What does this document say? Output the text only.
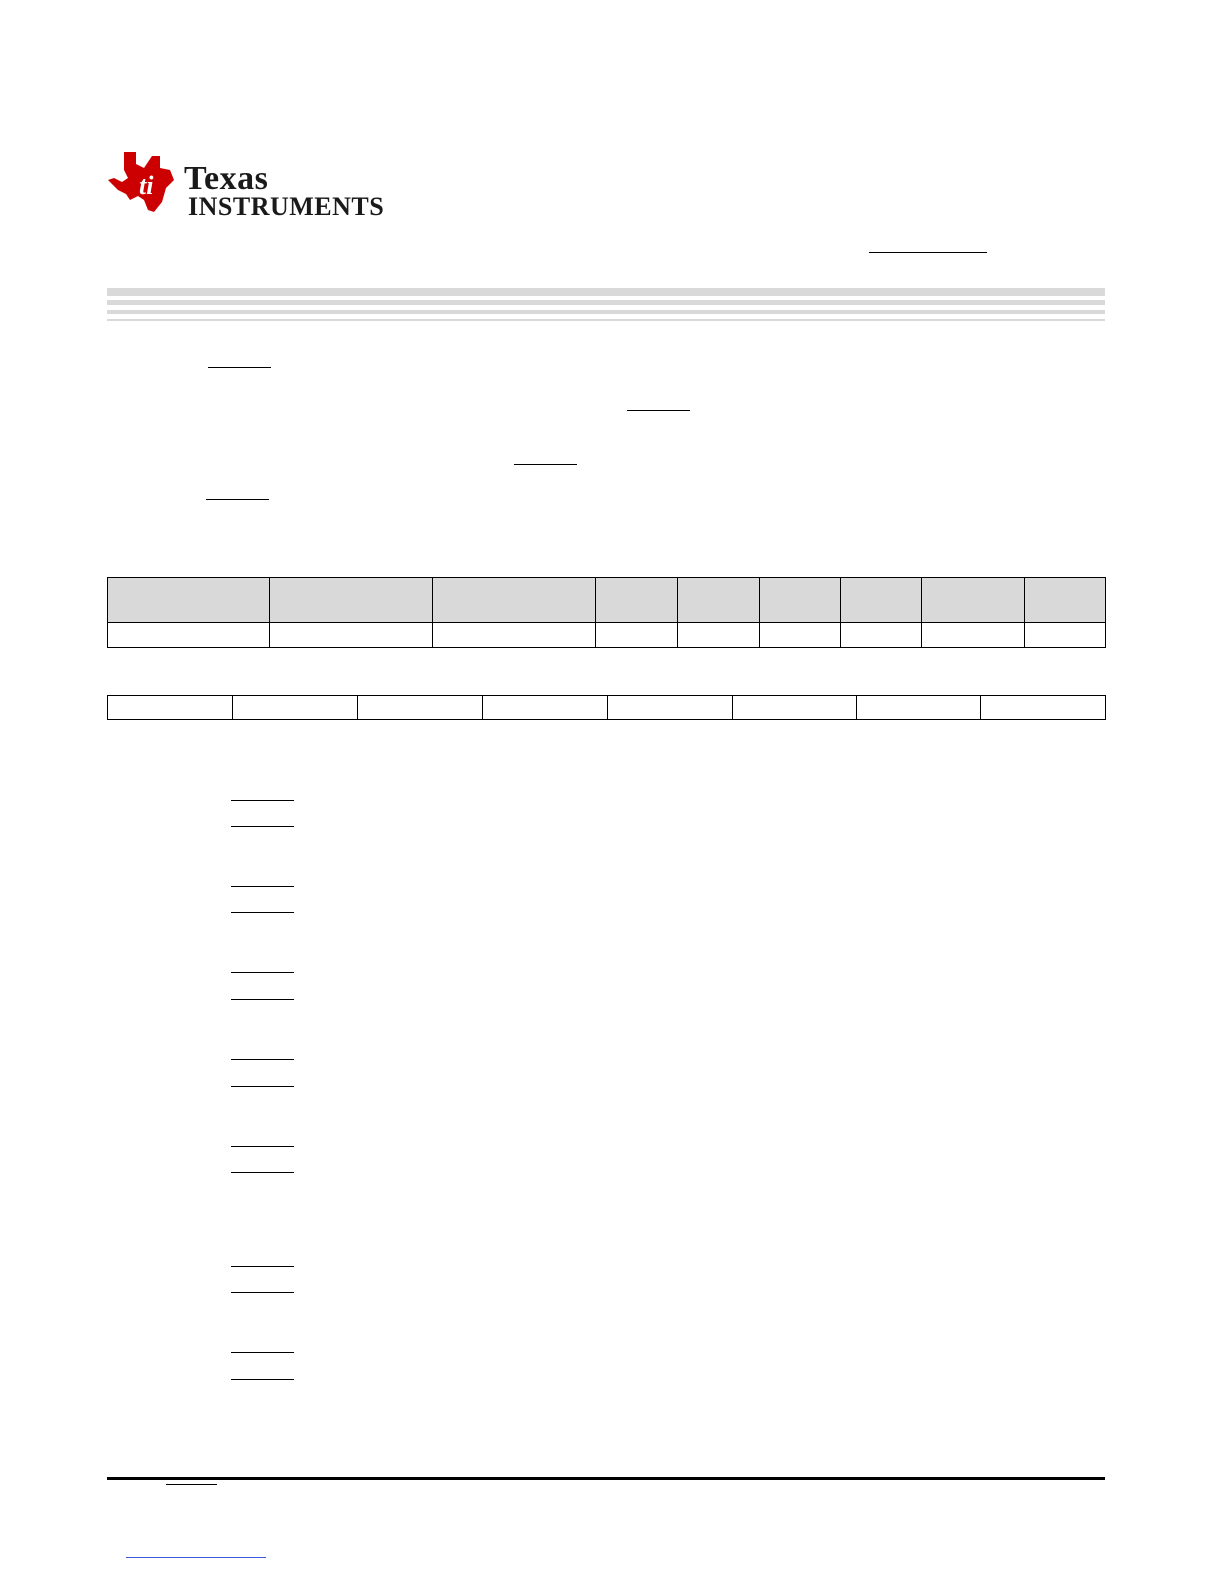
ti Texas
INSTRUMENTS
